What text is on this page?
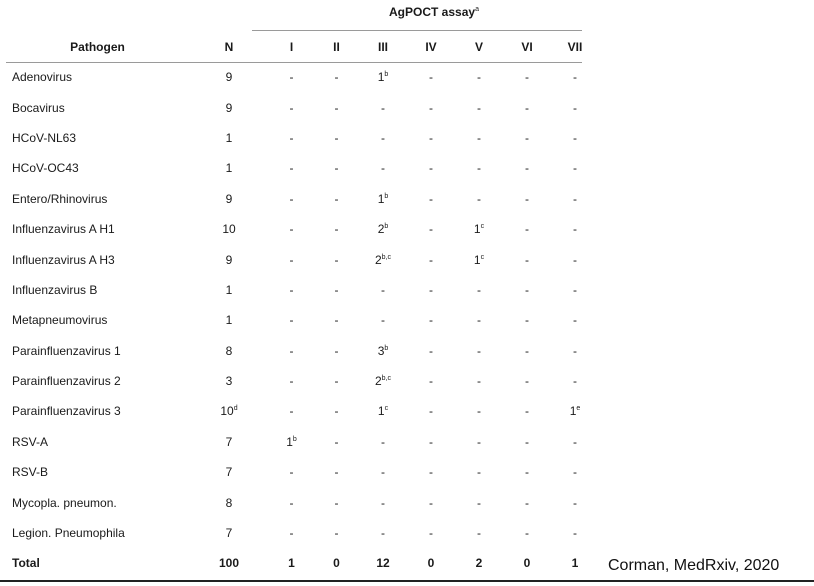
AgPOCT assay$^a$
Pathogen	N	I	II	III	IV	V	VI	VII
Adenovirus	9	-	-	1$^b$	-	-	-	-
Bocavirus	9	-	-	-	-	-	-	-
HCoV-NL63	1	-	-	-	-	-	-	-
HCoV-OC43	1	-	-	-	-	-	-	-
Entero/Rhinovirus	9	-	-	1$^b$	-	-	-	-
Influenzavirus A H1	10	-	-	2$^b$	-	1$^c$	-	-
Influenzavirus A H3	9	-	-	2$^{b,c}$	-	1$^c$	-	-
Influenzavirus B	1	-	-	-	-	-	-	-
Metapneumovirus	1	-	-	-	-	-	-	-
Parainfluenzavirus 1	8	-	-	3$^b$	-	-	-	-
Parainfluenzavirus 2	3	-	-	2$^{b,c}$	-	-	-	-
Parainfluenzavirus 3	10$^d$	-	-	1$^c$	-	-	-	1e
RSV-A	7	1$^b$	-	-	-	-	-	-
RSV-B	7	-	-	-	-	-	-	-
Mycopla. pneumon.	8	-	-	-	-	-	-	-
Legion. Pneumophila	7	-	-	-	-	-	-	-
Total	100	1	0	12	0	2	0	1 Corman, MedRxiv, 2020
